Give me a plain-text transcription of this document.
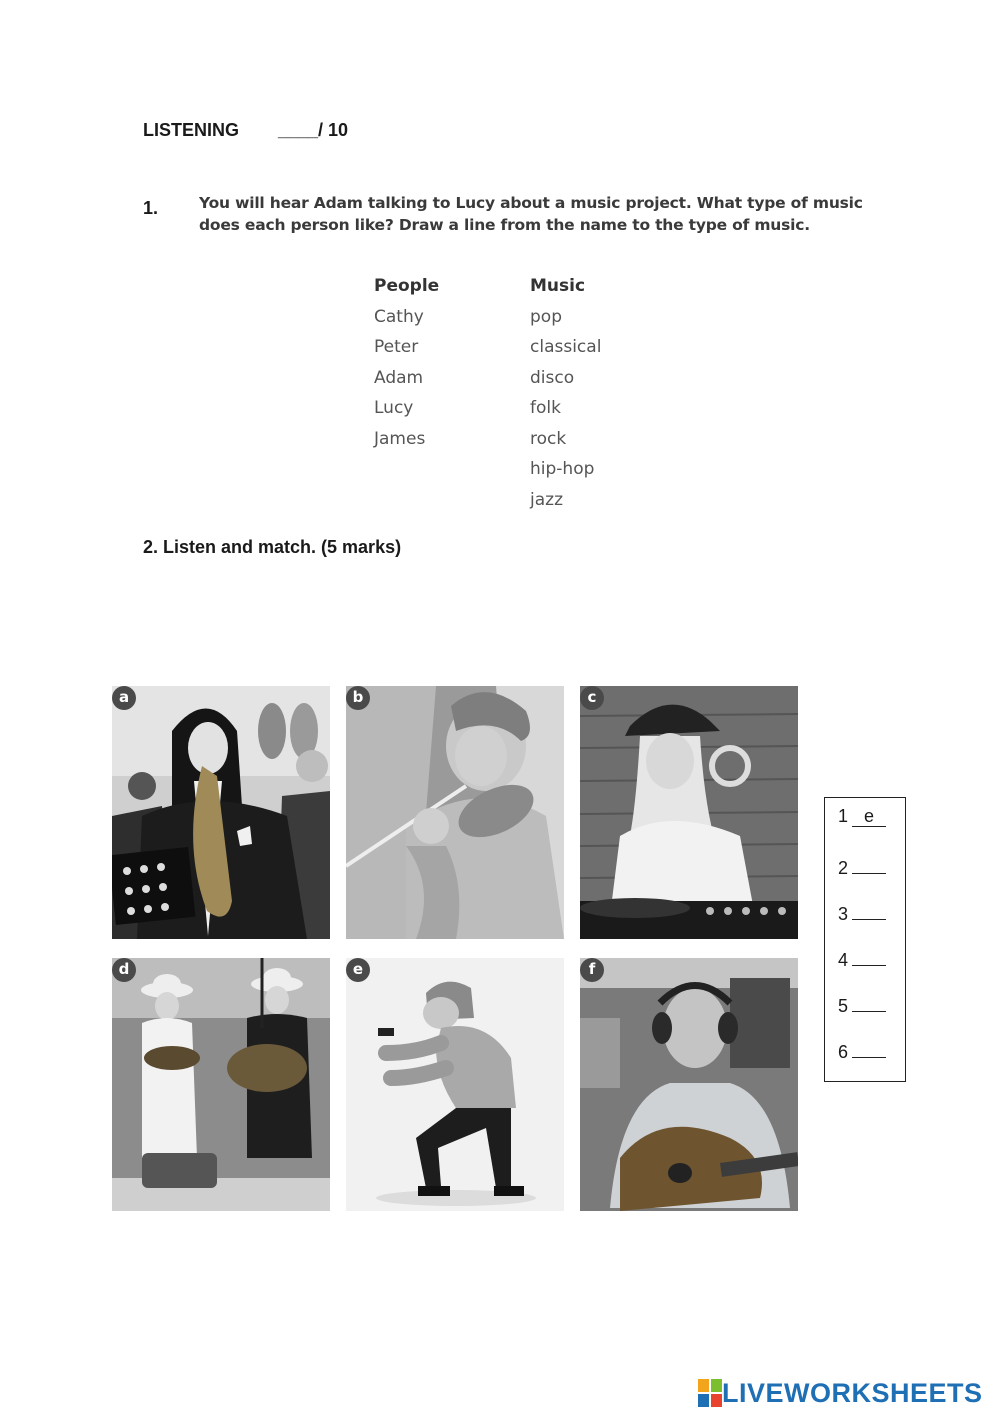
LISTENING ____/ 10
1.	You will hear Adam talking to Lucy about a music project. What type of music does each person like? Draw a line from the name to the type of music.
People
Cathy
Peter
Adam
Lucy
James
Music
pop
classical
disco
folk
rock
hip-hop
jazz
2. Listen and match. (5 marks)
a	b	c
d	e	f
1 e
2
3
4
5
6
LIVEWORKSHEETS
